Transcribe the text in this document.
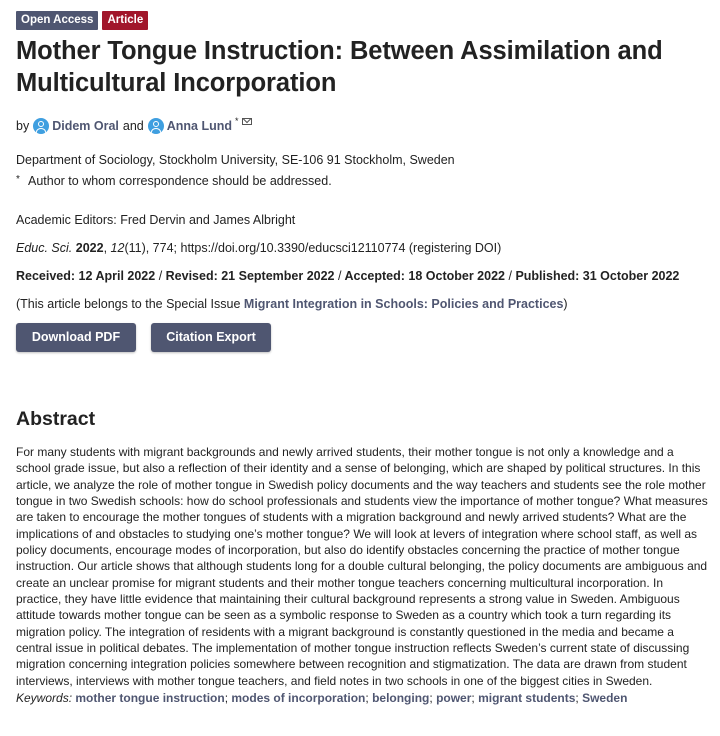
Open Access	Article
Mother Tongue Instruction: Between Assimilation and Multicultural Incorporation
by Didem Oral and Anna Lund *
Department of Sociology, Stockholm University, SE-106 91 Stockholm, Sweden
* Author to whom correspondence should be addressed.
Academic Editors: Fred Dervin and James Albright
Educ. Sci. 2022, 12(11), 774; https://doi.org/10.3390/educsci12110774 (registering DOI)
Received: 12 April 2022 / Revised: 21 September 2022 / Accepted: 18 October 2022 / Published: 31 October 2022
(This article belongs to the Special Issue Migrant Integration in Schools: Policies and Practices)
Download PDF	Citation Export
Abstract
For many students with migrant backgrounds and newly arrived students, their mother tongue is not only a knowledge and a school grade issue, but also a reflection of their identity and a sense of belonging, which are shaped by political structures. In this article, we analyze the role of mother tongue in Swedish policy documents and the way teachers and students see the role mother tongue in two Swedish schools: how do school professionals and students view the importance of mother tongue? What measures are taken to encourage the mother tongues of students with a migration background and newly arrived students? What are the implications of and obstacles to studying one’s mother tongue? We will look at levers of integration where school staff, as well as policy documents, encourage modes of incorporation, but also do identify obstacles concerning the practice of mother tongue instruction. Our article shows that although students long for a double cultural belonging, the policy documents are ambiguous and create an unclear promise for migrant students and their mother tongue teachers concerning multicultural incorporation. In practice, they have little evidence that maintaining their cultural background represents a strong value in Sweden. Ambiguous attitude towards mother tongue can be seen as a symbolic response to Sweden as a country which took a turn regarding its migration policy. The integration of residents with a migrant background is constantly questioned in the media and became a central issue in political debates. The implementation of mother tongue instruction reflects Sweden’s current state of discussing migration concerning integration policies somewhere between recognition and stigmatization. The data are drawn from student interviews, interviews with mother tongue teachers, and field notes in two schools in one of the biggest cities in Sweden.
Keywords: mother tongue instruction; modes of incorporation; belonging; power; migrant students; Sweden
